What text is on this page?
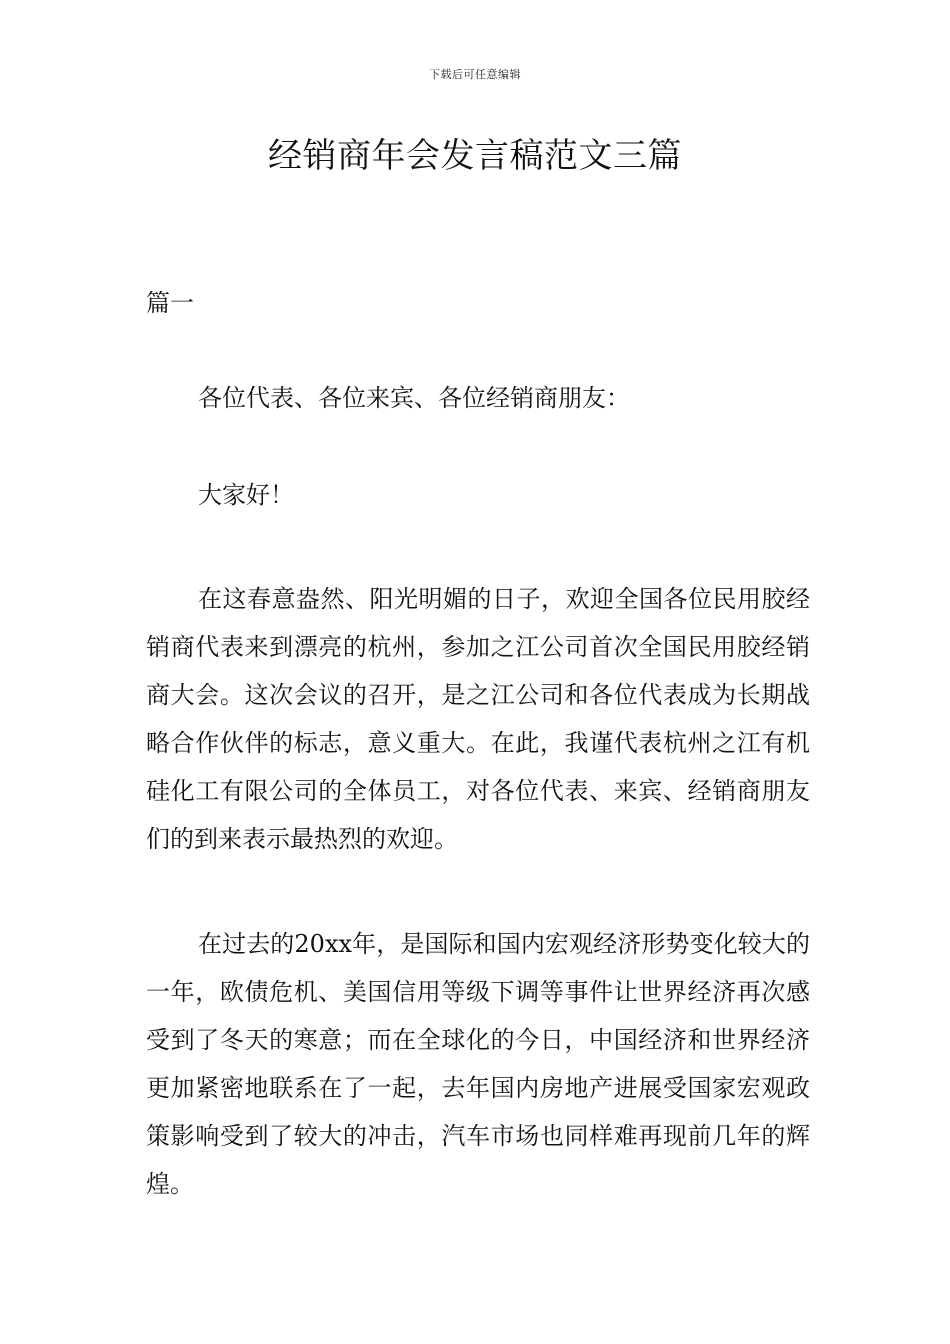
下载后可任意编辑
经销商年会发言稿范文三篇
篇一

各位代表、各位来宾、各位经销商朋友：

大家好！

在这春意盎然、阳光明媚的日子，欢迎全国各位民用胶经销商代表来到漂亮的杭州，参加之江公司首次全国民用胶经销商大会。这次会议的召开，是之江公司和各位代表成为长期战略合作伙伴的标志，意义重大。在此，我谨代表杭州之江有机硅化工有限公司的全体员工，对各位代表、来宾、经销商朋友们的到来表示最热烈的欢迎。

在过去的20xx年，是国际和国内宏观经济形势变化较大的一年，欧债危机、美国信用等级下调等事件让世界经济再次感受到了冬天的寒意；而在全球化的今日，中国经济和世界经济更加紧密地联系在了一起，去年国内房地产进展受国家宏观政策影响受到了较大的冲击，汽车市场也同样难再现前几年的辉煌。
